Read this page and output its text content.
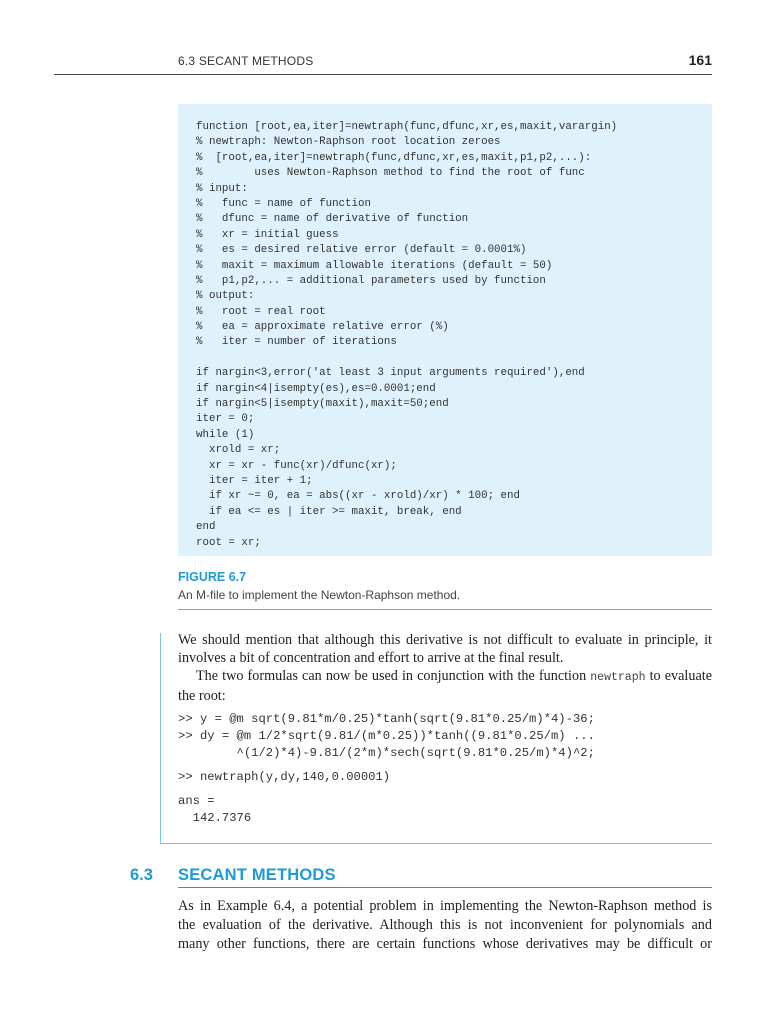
6.3 SECANT METHODS	161
function [root,ea,iter]=newtraph(func,dfunc,xr,es,maxit,varargin)
% newtraph: Newton-Raphson root location zeroes
%  [root,ea,iter]=newtraph(func,dfunc,xr,es,maxit,p1,p2,...):
%        uses Newton-Raphson method to find the root of func
% input:
%   func = name of function
%   dfunc = name of derivative of function
%   xr = initial guess
%   es = desired relative error (default = 0.0001%)
%   maxit = maximum allowable iterations (default = 50)
%   p1,p2,... = additional parameters used by function
% output:
%   root = real root
%   ea = approximate relative error (%)
%   iter = number of iterations
if nargin<3,error('at least 3 input arguments required'),end
if nargin<4|isempty(es),es=0.0001;end
if nargin<5|isempty(maxit),maxit=50;end
iter = 0;
while (1)
xrold = xr;
xr = xr - func(xr)/dfunc(xr);
iter = iter + 1;
if xr ~= 0, ea = abs((xr - xrold)/xr) * 100; end
if ea <= es | iter >= maxit, break, end
end
root = xr;
FIGURE 6.7
An M-file to implement the Newton-Raphson method.
We should mention that although this derivative is not difficult to evaluate in principle, it involves a bit of concentration and effort to arrive at the final result.
The two formulas can now be used in conjunction with the function newtraph to evaluate the root:
>> y = @m sqrt(9.81*m/0.25)*tanh(sqrt(9.81*0.25/m)*4)-36;
>> dy = @m 1/2*sqrt(9.81/(m*0.25))*tanh((9.81*0.25/m) ...
^(1/2)*4)-9.81/(2*m)*sech(sqrt(9.81*0.25/m)*4)^2;
>> newtraph(y,dy,140,0.00001)
ans =
142.7376
6.3 SECANT METHODS
As in Example 6.4, a potential problem in implementing the Newton-Raphson method is
the evaluation of the derivative. Although this is not inconvenient for polynomials and
many other functions, there are certain functions whose derivatives may be difficult or
